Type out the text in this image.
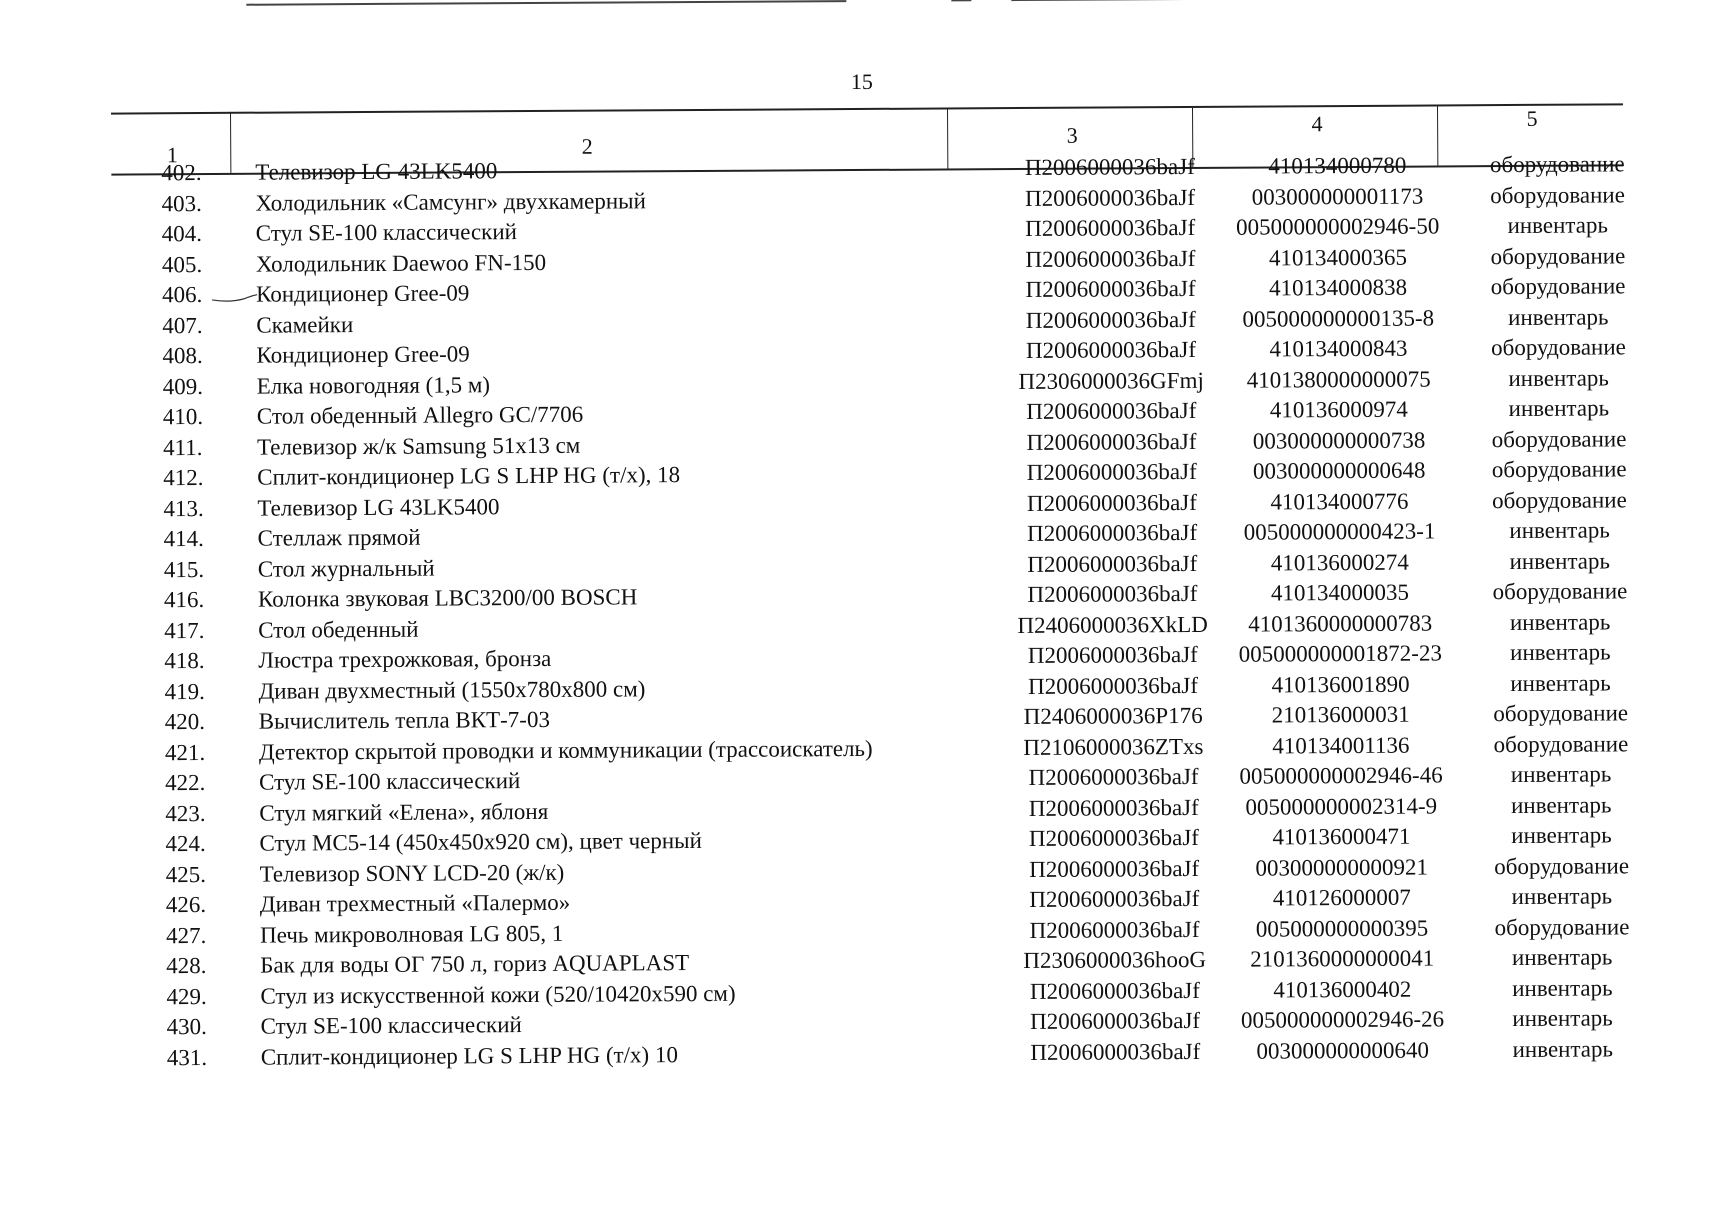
15
1	2	3	4	5
402.	Телевизор LG 43LK5400	П2006000036baJf	410134000780	оборудование
403.	Холодильник «Самсунг» двухкамерный	П2006000036baJf	003000000001173	оборудование
404.	Стул SE-100 классический	П2006000036baJf	005000000002946-50	инвентарь
405.	Холодильник Daewoo FN-150	П2006000036baJf	410134000365	оборудование
406.	Кондиционер Gree-09	П2006000036baJf	410134000838	оборудование
407.	Скамейки	П2006000036baJf	005000000000135-8	инвентарь
408.	Кондиционер Gree-09	П2006000036baJf	410134000843	оборудование
409.	Елка новогодняя (1,5 м)	П2306000036GFmj	4101380000000075	инвентарь
410.	Стол обеденный Allegro GC/7706	П2006000036baJf	410136000974	инвентарь
411.	Телевизор ж/к Samsung 51x13 см	П2006000036baJf	003000000000738	оборудование
412.	Сплит-кондиционер LG S LHP HG (т/х), 18	П2006000036baJf	003000000000648	оборудование
413.	Телевизор LG 43LK5400	П2006000036baJf	410134000776	оборудование
414.	Стеллаж прямой	П2006000036baJf	005000000000423-1	инвентарь
415.	Стол журнальный	П2006000036baJf	410136000274	инвентарь
416.	Колонка звуковая LBC3200/00 BOSCH	П2006000036baJf	410134000035	оборудование
417.	Стол обеденный	П2406000036XkLD	4101360000000783	инвентарь
418.	Люстра трехрожковая, бронза	П2006000036baJf	005000000001872-23	инвентарь
419.	Диван двухместный (1550х780х800 см)	П2006000036baJf	410136001890	инвентарь
420.	Вычислитель тепла ВКТ-7-03	П2406000036P176	210136000031	оборудование
421.	Детектор скрытой проводки и коммуникации (трассоискатель)	П2106000036ZTxs	410134001136	оборудование
422.	Стул SE-100 классический	П2006000036baJf	005000000002946-46	инвентарь
423.	Стул мягкий «Елена», яблоня	П2006000036baJf	005000000002314-9	инвентарь
424.	Стул МС5-14 (450х450х920 см), цвет черный	П2006000036baJf	410136000471	инвентарь
425.	Телевизор SONY LCD-20 (ж/к)	П2006000036baJf	003000000000921	оборудование
426.	Диван трехместный «Палермо»	П2006000036baJf	410126000007	инвентарь
427.	Печь микроволновая LG 805, 1	П2006000036baJf	005000000000395	оборудование
428.	Бак для воды ОГ 750 л, гориз AQUAPLAST	П2306000036hooG	2101360000000041	инвентарь
429.	Стул из искусственной кожи (520/10420х590 см)	П2006000036baJf	410136000402	инвентарь
430.	Стул SE-100 классический	П2006000036baJf	005000000002946-26	инвентарь
431.	Сплит-кондиционер LG S LHP HG (т/х) 10	П2006000036baJf	003000000000640	инвентарь
